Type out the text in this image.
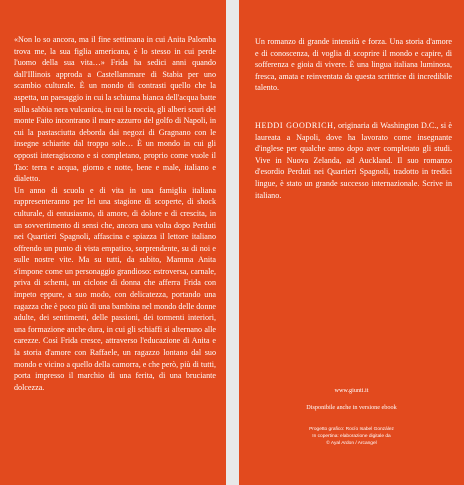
«Non lo so ancora, ma il fine settimana in cui Anita Palomba trova me, la sua figlia americana, è lo stesso in cui perde l'uomo della sua vita…» Frida ha sedici anni quando dall'Illinois approda a Castellammare di Stabia per uno scambio culturale. È un mondo di contrasti quello che la aspetta, un paesaggio in cui la schiuma bianca dell'acqua batte sulla sabbia nera vulcanica, in cui la roccia, gli alberi scuri del monte Faito incontrano il mare azzurro del golfo di Napoli, in cui la pastasciutta deborda dai negozi di Gragnano con le insegne schiarite dal troppo sole… È un mondo in cui gli opposti interagiscono e si completano, proprio come vuole il Tao: terra e acqua, giorno e notte, bene e male, italiano e dialetto.

Un anno di scuola e di vita in una famiglia italiana rappresenteranno per lei una stagione di scoperte, di shock culturale, di entusiasmo, di amore, di dolore e di crescita, in un sovvertimento di sensi che, ancora una volta dopo Perduti nei Quartieri Spagnoli, affascina e spiazza il lettore italiano offrendo un punto di vista empatico, sorprendente, su di noi e sulle nostre vite. Ma su tutti, da subito, Mamma Anita s'impone come un personaggio grandioso: estroversa, carnale, priva di schemi, un ciclone di donna che afferra Frida con impeto eppure, a suo modo, con delicatezza, portando una ragazza che è poco più di una bambina nel mondo delle donne adulte, dei sentimenti, delle passioni, dei tormenti interiori, una formazione anche dura, in cui gli schiaffi si alternano alle carezze. Così Frida cresce, attraverso l'educazione di Anita e la storia d'amore con Raffaele, un ragazzo lontano dal suo mondo e vicino a quello della camorra, e che però, più di tutti, porta impresso il marchio di una ferita, di una bruciante dolcezza.

Un romanzo di grande intensità e forza. Una storia d'amore e di conoscenza, di voglia di scoprire il mondo e capire, di sofferenza e gioia di vivere. È una lingua italiana luminosa, fresca, amata e reinventata da questa scrittrice di incredibile talento.

HEDDI GOODRICH, originaria di Washington D.C., si è laureata a Napoli, dove ha lavorato come insegnante d'inglese per qualche anno dopo aver completato gli studi. Vive in Nuova Zelanda, ad Auckland. Il suo romanzo d'esordio Perduti nei Quartieri Spagnoli, tradotto in tredici lingue, è stato un grande successo internazionale. Scrive in italiano.

www.giunti.it

Disponibile anche in versione ebook

Progetto grafico: Rocío Isabel González

In copertina: elaborazione digitale da

© Ayal Ardon / Arcangel
